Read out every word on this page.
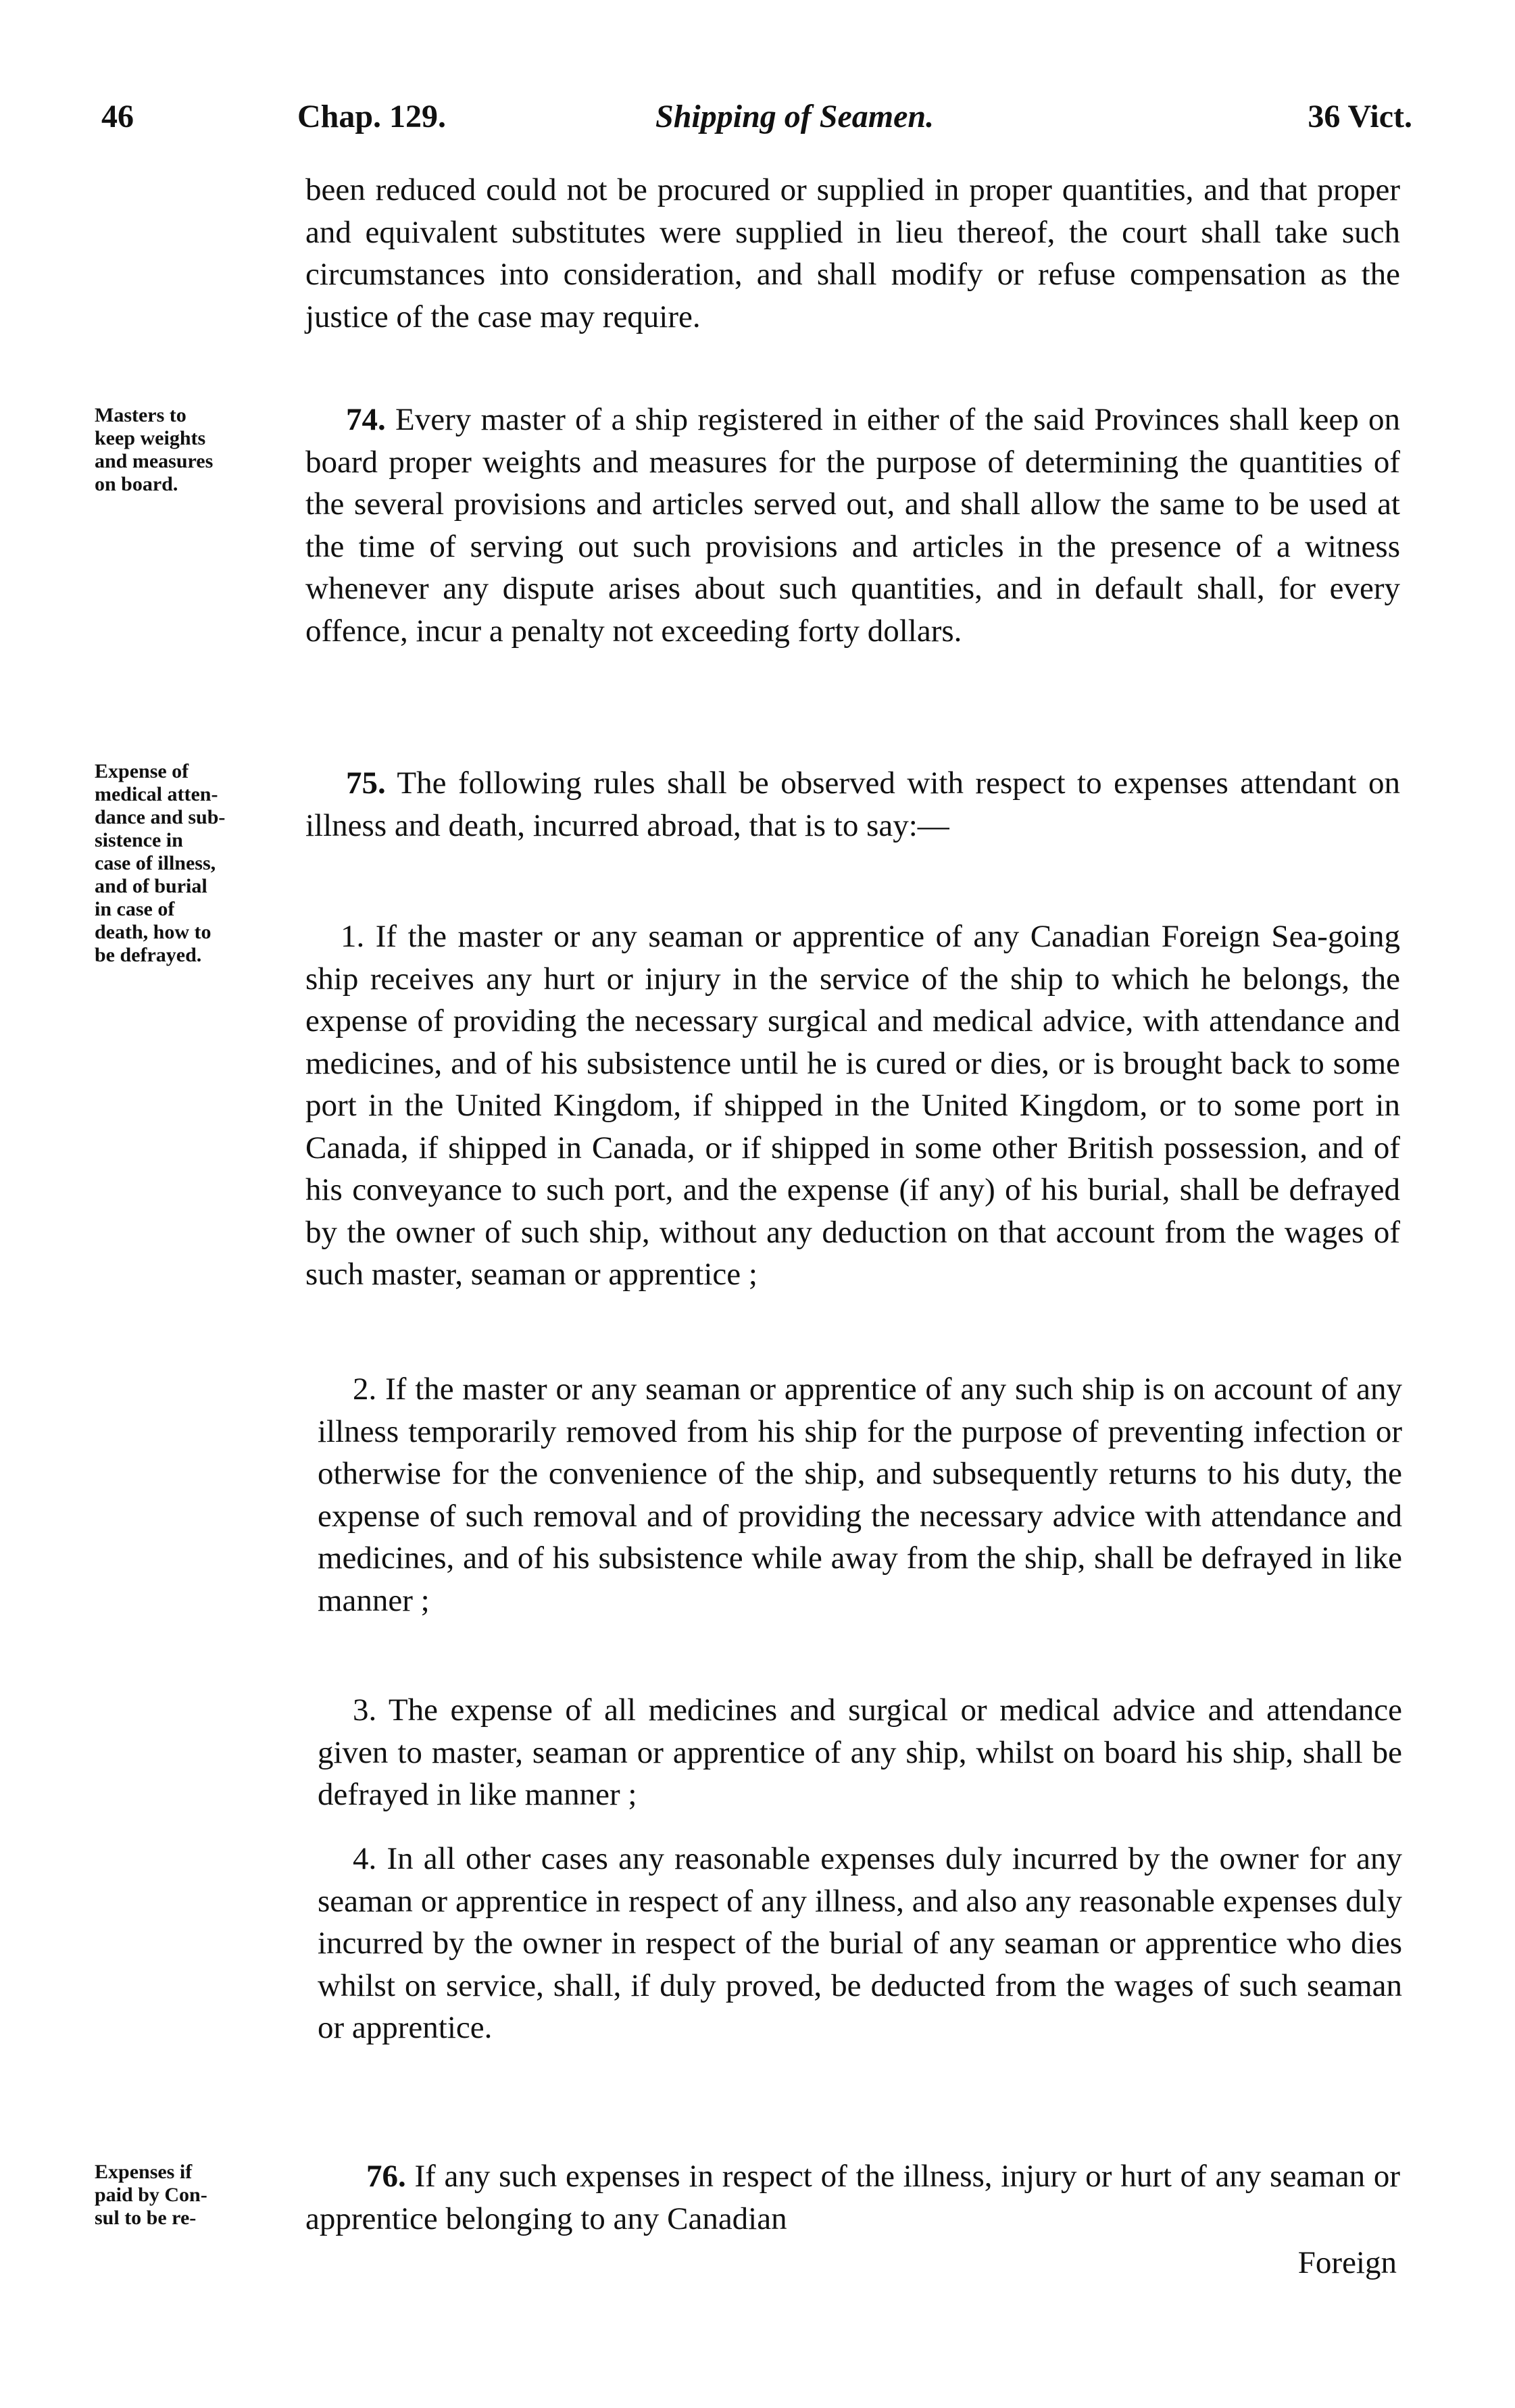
46	Chap. 129.	Shipping of Seamen.	36 Vict.

been reduced could not be procured or supplied in proper quantities, and that proper and equivalent substitutes were supplied in lieu thereof, the court shall take such circumstances into consideration, and shall modify or refuse compensation as the justice of the case may require.

Masters to
keep weights
and measures
on board.

74. Every master of a ship registered in either of the said Provinces shall keep on board proper weights and measures for the purpose of determining the quantities of the several provisions and articles served out, and shall allow the same to be used at the time of serving out such provisions and articles in the presence of a witness whenever any dispute arises about such quantities, and in default shall, for every offence, incur a penalty not exceeding forty dollars.

Expense of
medical atten-
dance and sub-
sistence in
case of illness,
and of burial
in case of
death, how to
be defrayed.

75. The following rules shall be observed with respect to expenses attendant on illness and death, incurred abroad, that is to say:—

1. If the master or any seaman or apprentice of any Canadian Foreign Sea-going ship receives any hurt or injury in the service of the ship to which he belongs, the expense of providing the necessary surgical and medical advice, with attendance and medicines, and of his subsistence until he is cured or dies, or is brought back to some port in the United Kingdom, if shipped in the United Kingdom, or to some port in Canada, if shipped in Canada, or if shipped in some other British possession, and of his conveyance to such port, and the expense (if any) of his burial, shall be defrayed by the owner of such ship, without any deduction on that account from the wages of such master, seaman or apprentice ;
2. If the master or any seaman or apprentice of any such ship is on account of any illness temporarily removed from his ship for the purpose of preventing infection or otherwise for the convenience of the ship, and subsequently returns to his duty, the expense of such removal and of providing the necessary advice with attendance and medicines, and of his subsistence while away from the ship, shall be defrayed in like manner ;
3. The expense of all medicines and surgical or medical advice and attendance given to master, seaman or apprentice of any ship, whilst on board his ship, shall be defrayed in like manner ;
4. In all other cases any reasonable expenses duly incurred by the owner for any seaman or apprentice in respect of any illness, and also any reasonable expenses duly incurred by the owner in respect of the burial of any seaman or apprentice who dies whilst on service, shall, if duly proved, be deducted from the wages of such seaman or apprentice.
Expenses if
paid by Con-
sul to be re-

76. If any such expenses in respect of the illness, injury or hurt of any seaman or apprentice belonging to any Canadian

Foreign
